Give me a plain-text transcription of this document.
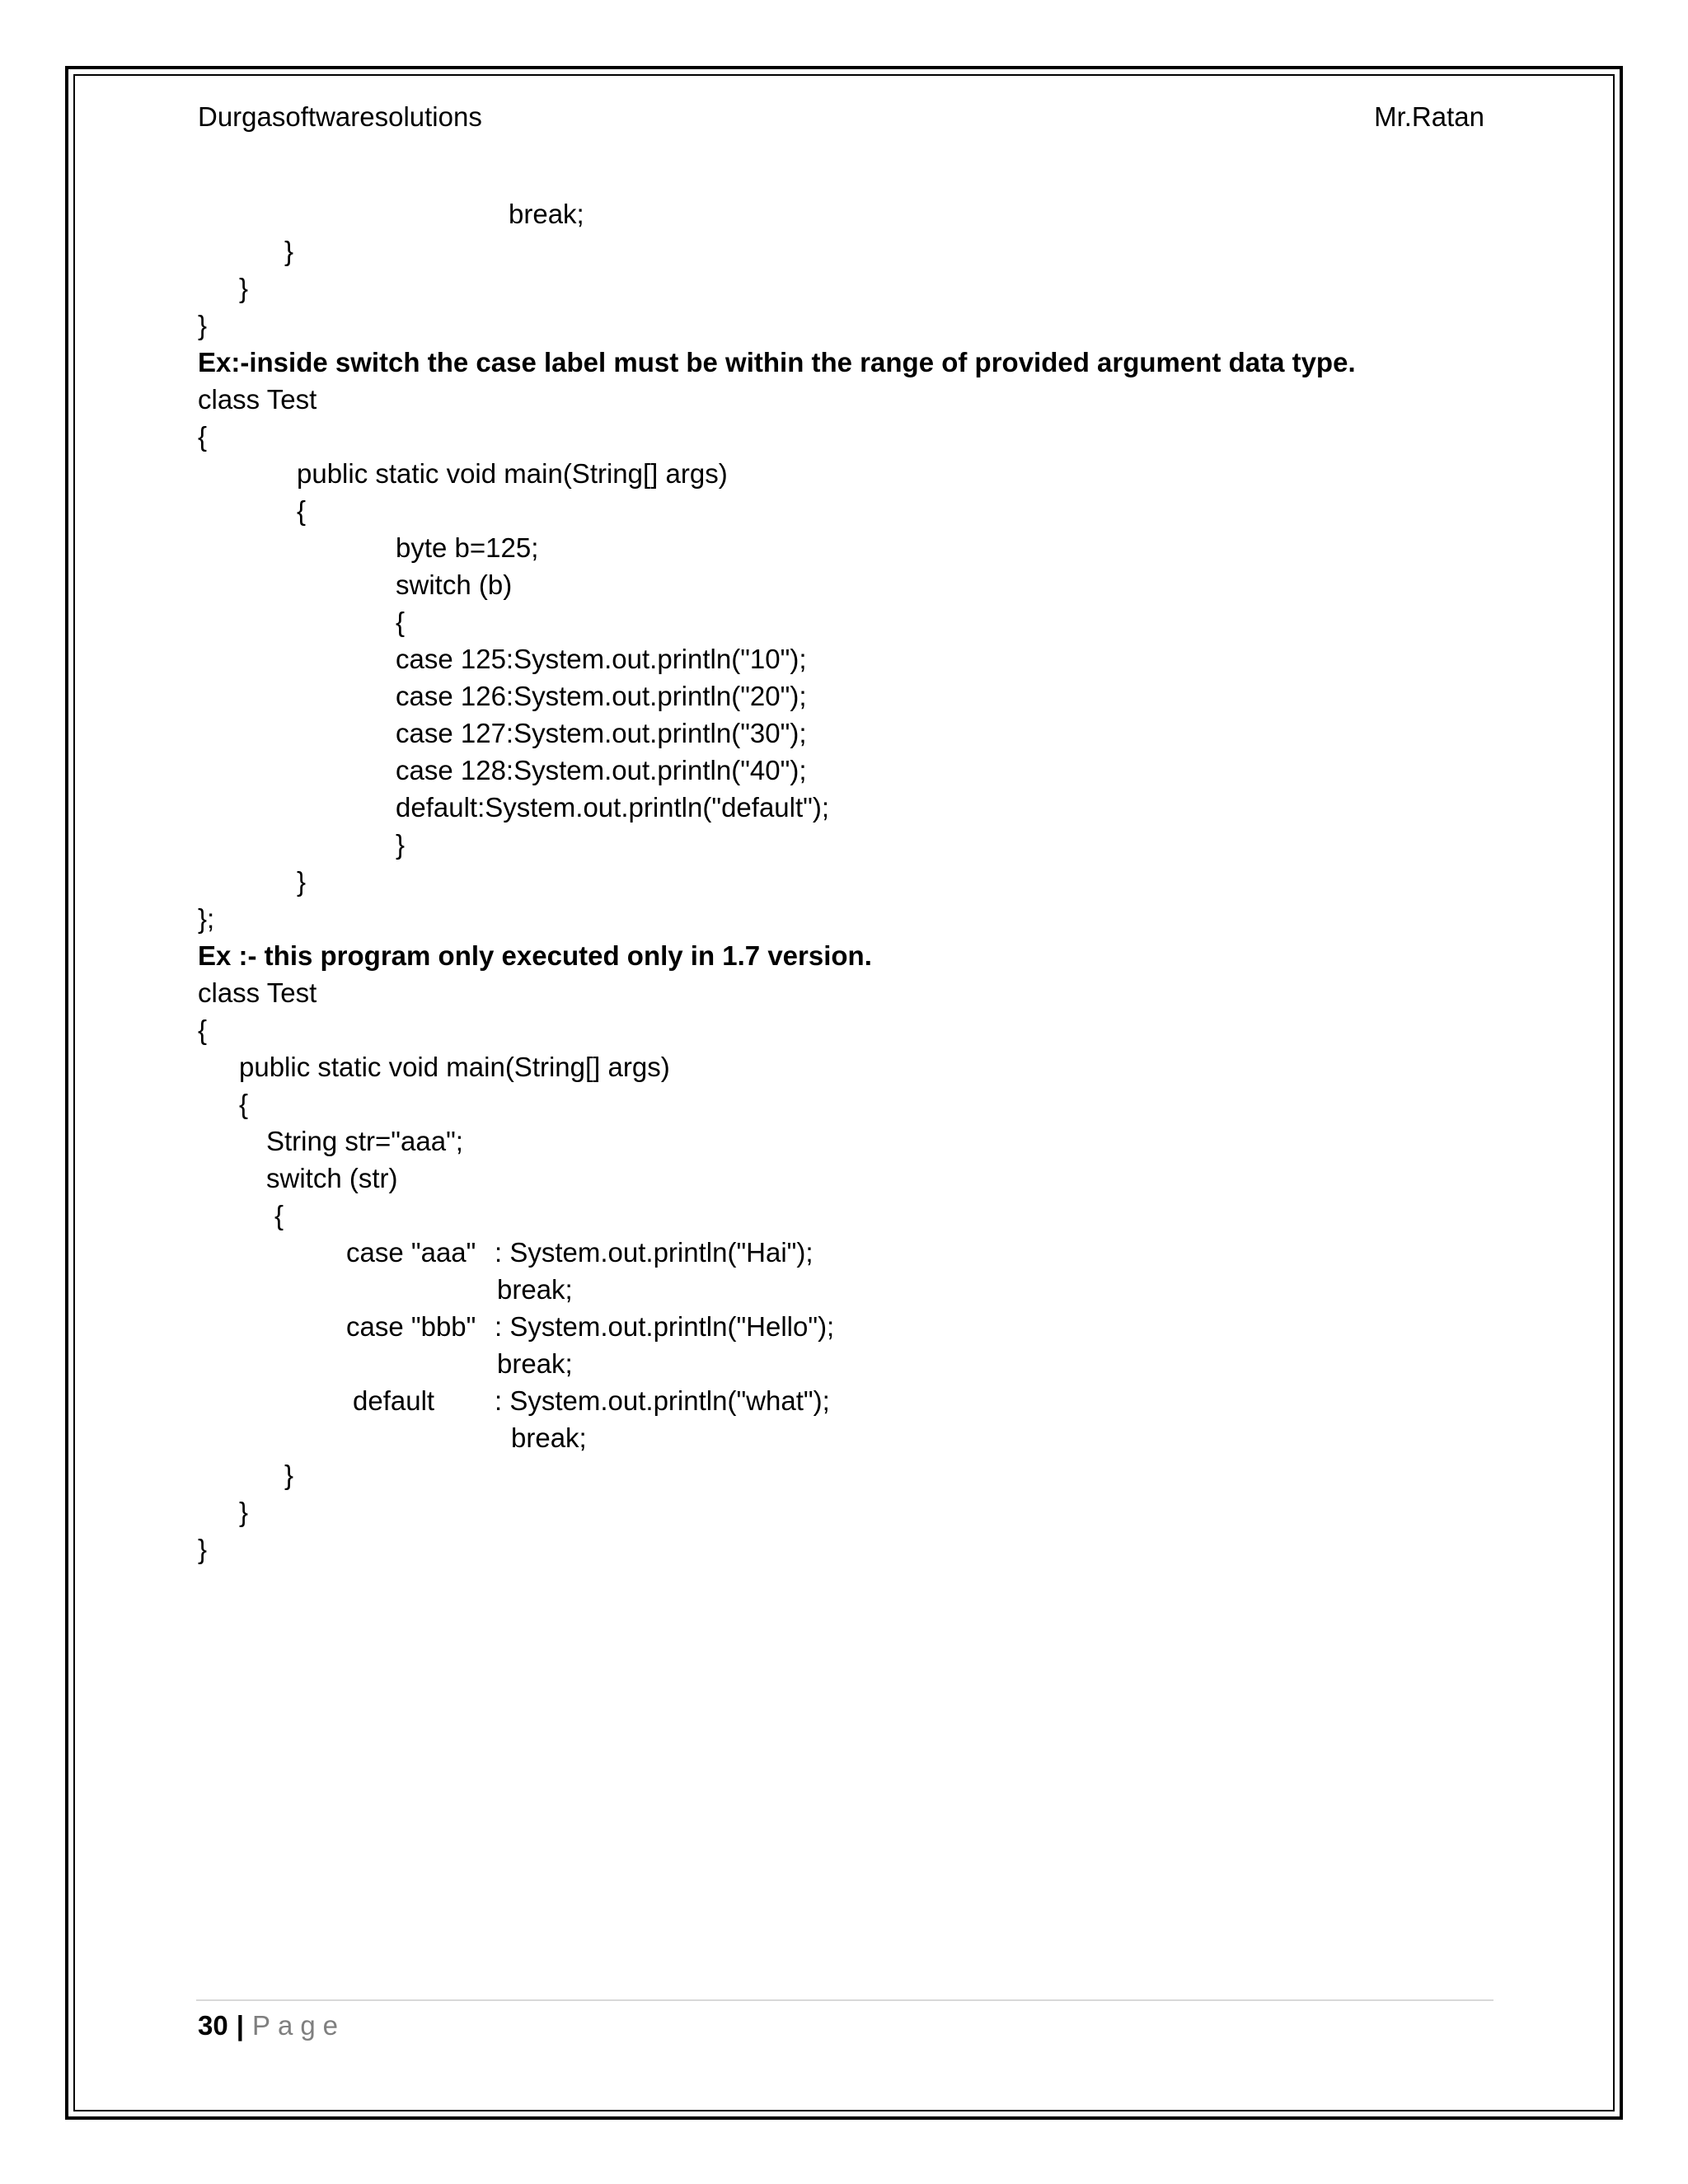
Durgasoftwaresolutions	Mr.Ratan
break;
}
}
}
Ex:-inside switch the case label must be within the range of provided argument data type.
class Test
{
public static void main(String[] args)
{
byte b=125;
switch (b)
{
case 125:System.out.println("10");
case 126:System.out.println("20");
case 127:System.out.println("30");
case 128:System.out.println("40");
default:System.out.println("default");
}
}
};
Ex :- this program only executed only in 1.7 version.
class Test
{
public static void main(String[] args)
{
String str="aaa";
switch (str)
{
case "aaa" : System.out.println("Hai");
break;
case "bbb" : System.out.println("Hello");
break;
default : System.out.println("what");
break;
}
}
}
30 | Page
